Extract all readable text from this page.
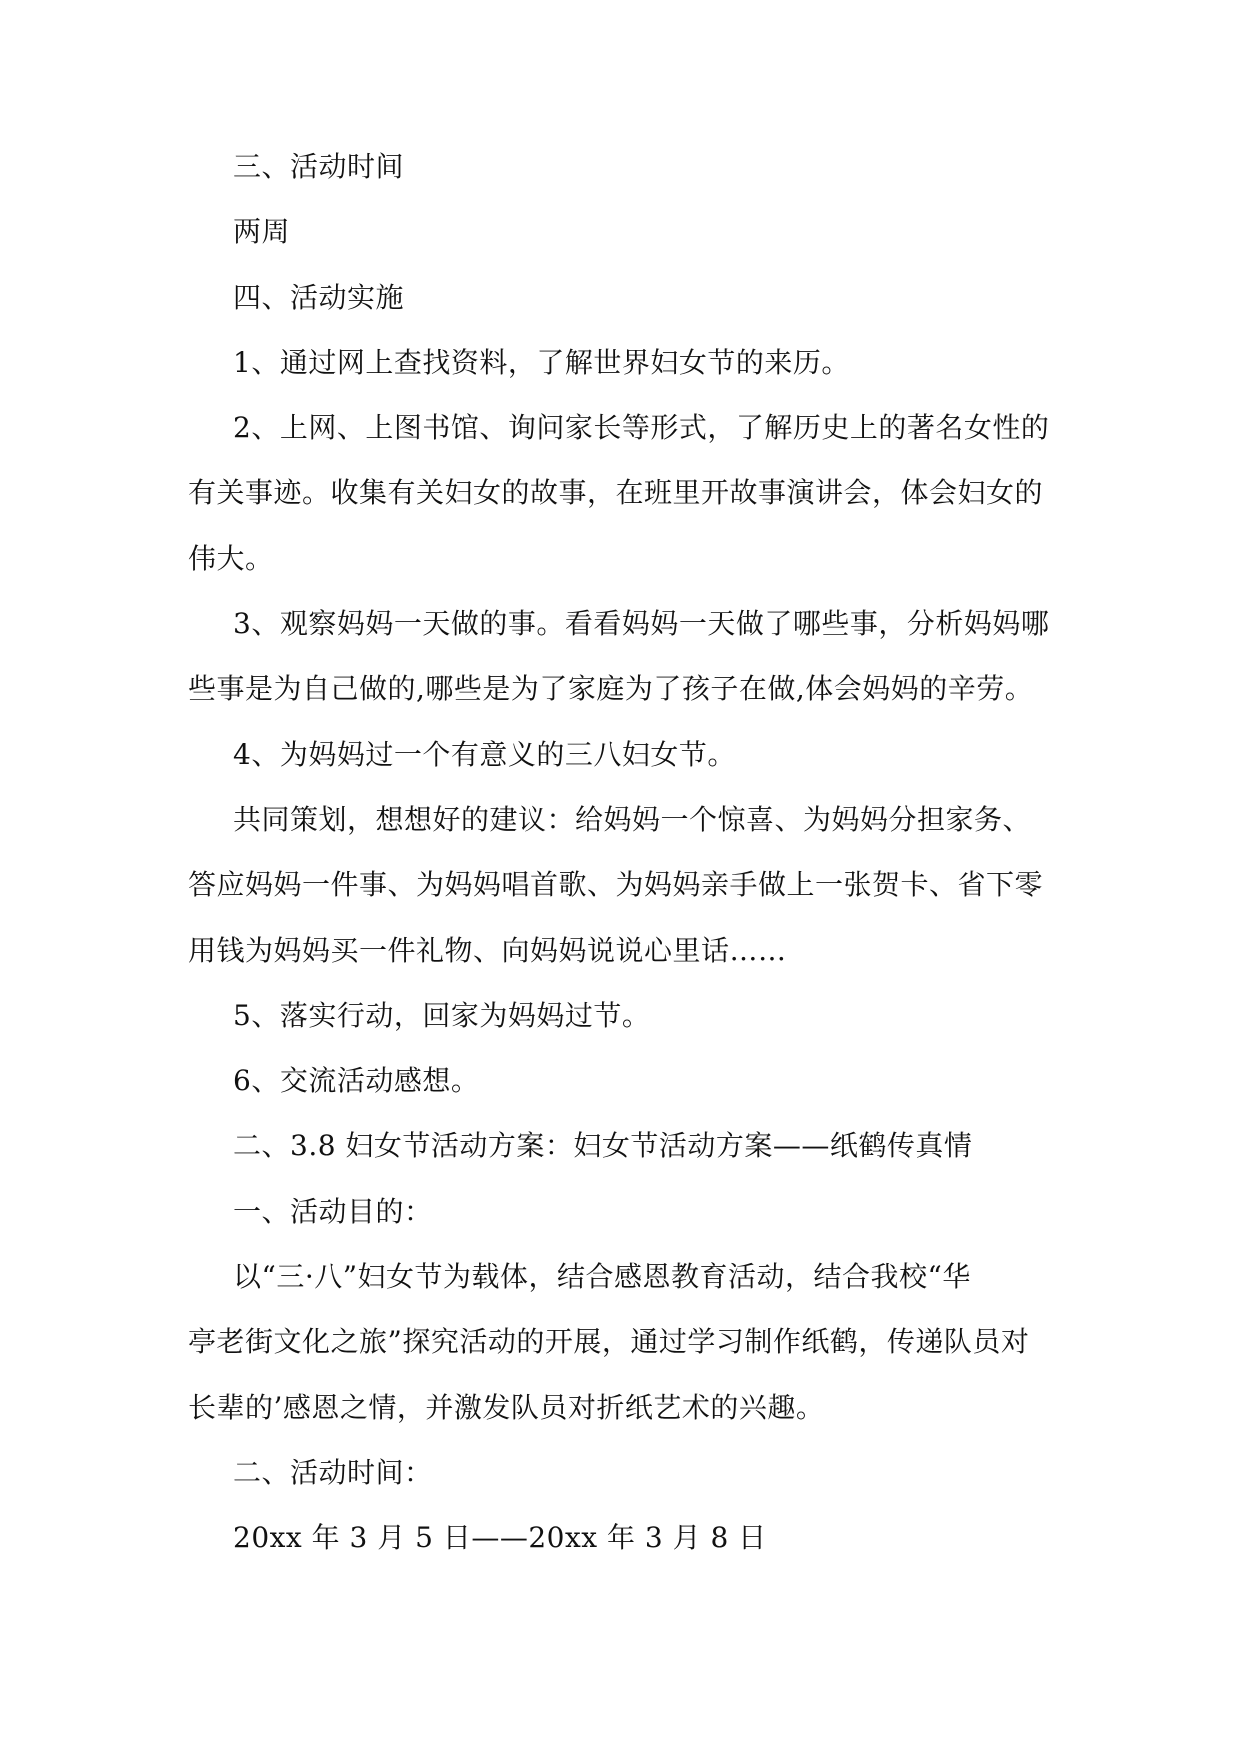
三、活动时间
两周
四、活动实施
1、通过网上查找资料，了解世界妇女节的来历。
2、上网、上图书馆、询问家长等形式，了解历史上的著名女性的
有关事迹。收集有关妇女的故事，在班里开故事演讲会，体会妇女的
伟大。
3、观察妈妈一天做的事。看看妈妈一天做了哪些事，分析妈妈哪
些事是为自己做的,哪些是为了家庭为了孩子在做,体会妈妈的辛劳。
4、为妈妈过一个有意义的三八妇女节。
共同策划，想想好的建议：给妈妈一个惊喜、为妈妈分担家务、
答应妈妈一件事、为妈妈唱首歌、为妈妈亲手做上一张贺卡、省下零
用钱为妈妈买一件礼物、向妈妈说说心里话……
5、落实行动，回家为妈妈过节。
6、交流活动感想。
二、3.8 妇女节活动方案：妇女节活动方案——纸鹤传真情
一、活动目的：
以“三·八”妇女节为载体，结合感恩教育活动，结合我校“华
亭老街文化之旅”探究活动的开展，通过学习制作纸鹤，传递队员对
长辈的’感恩之情，并激发队员对折纸艺术的兴趣。
二、活动时间：
20xx 年 3 月 5 日——20xx 年 3 月 8 日
